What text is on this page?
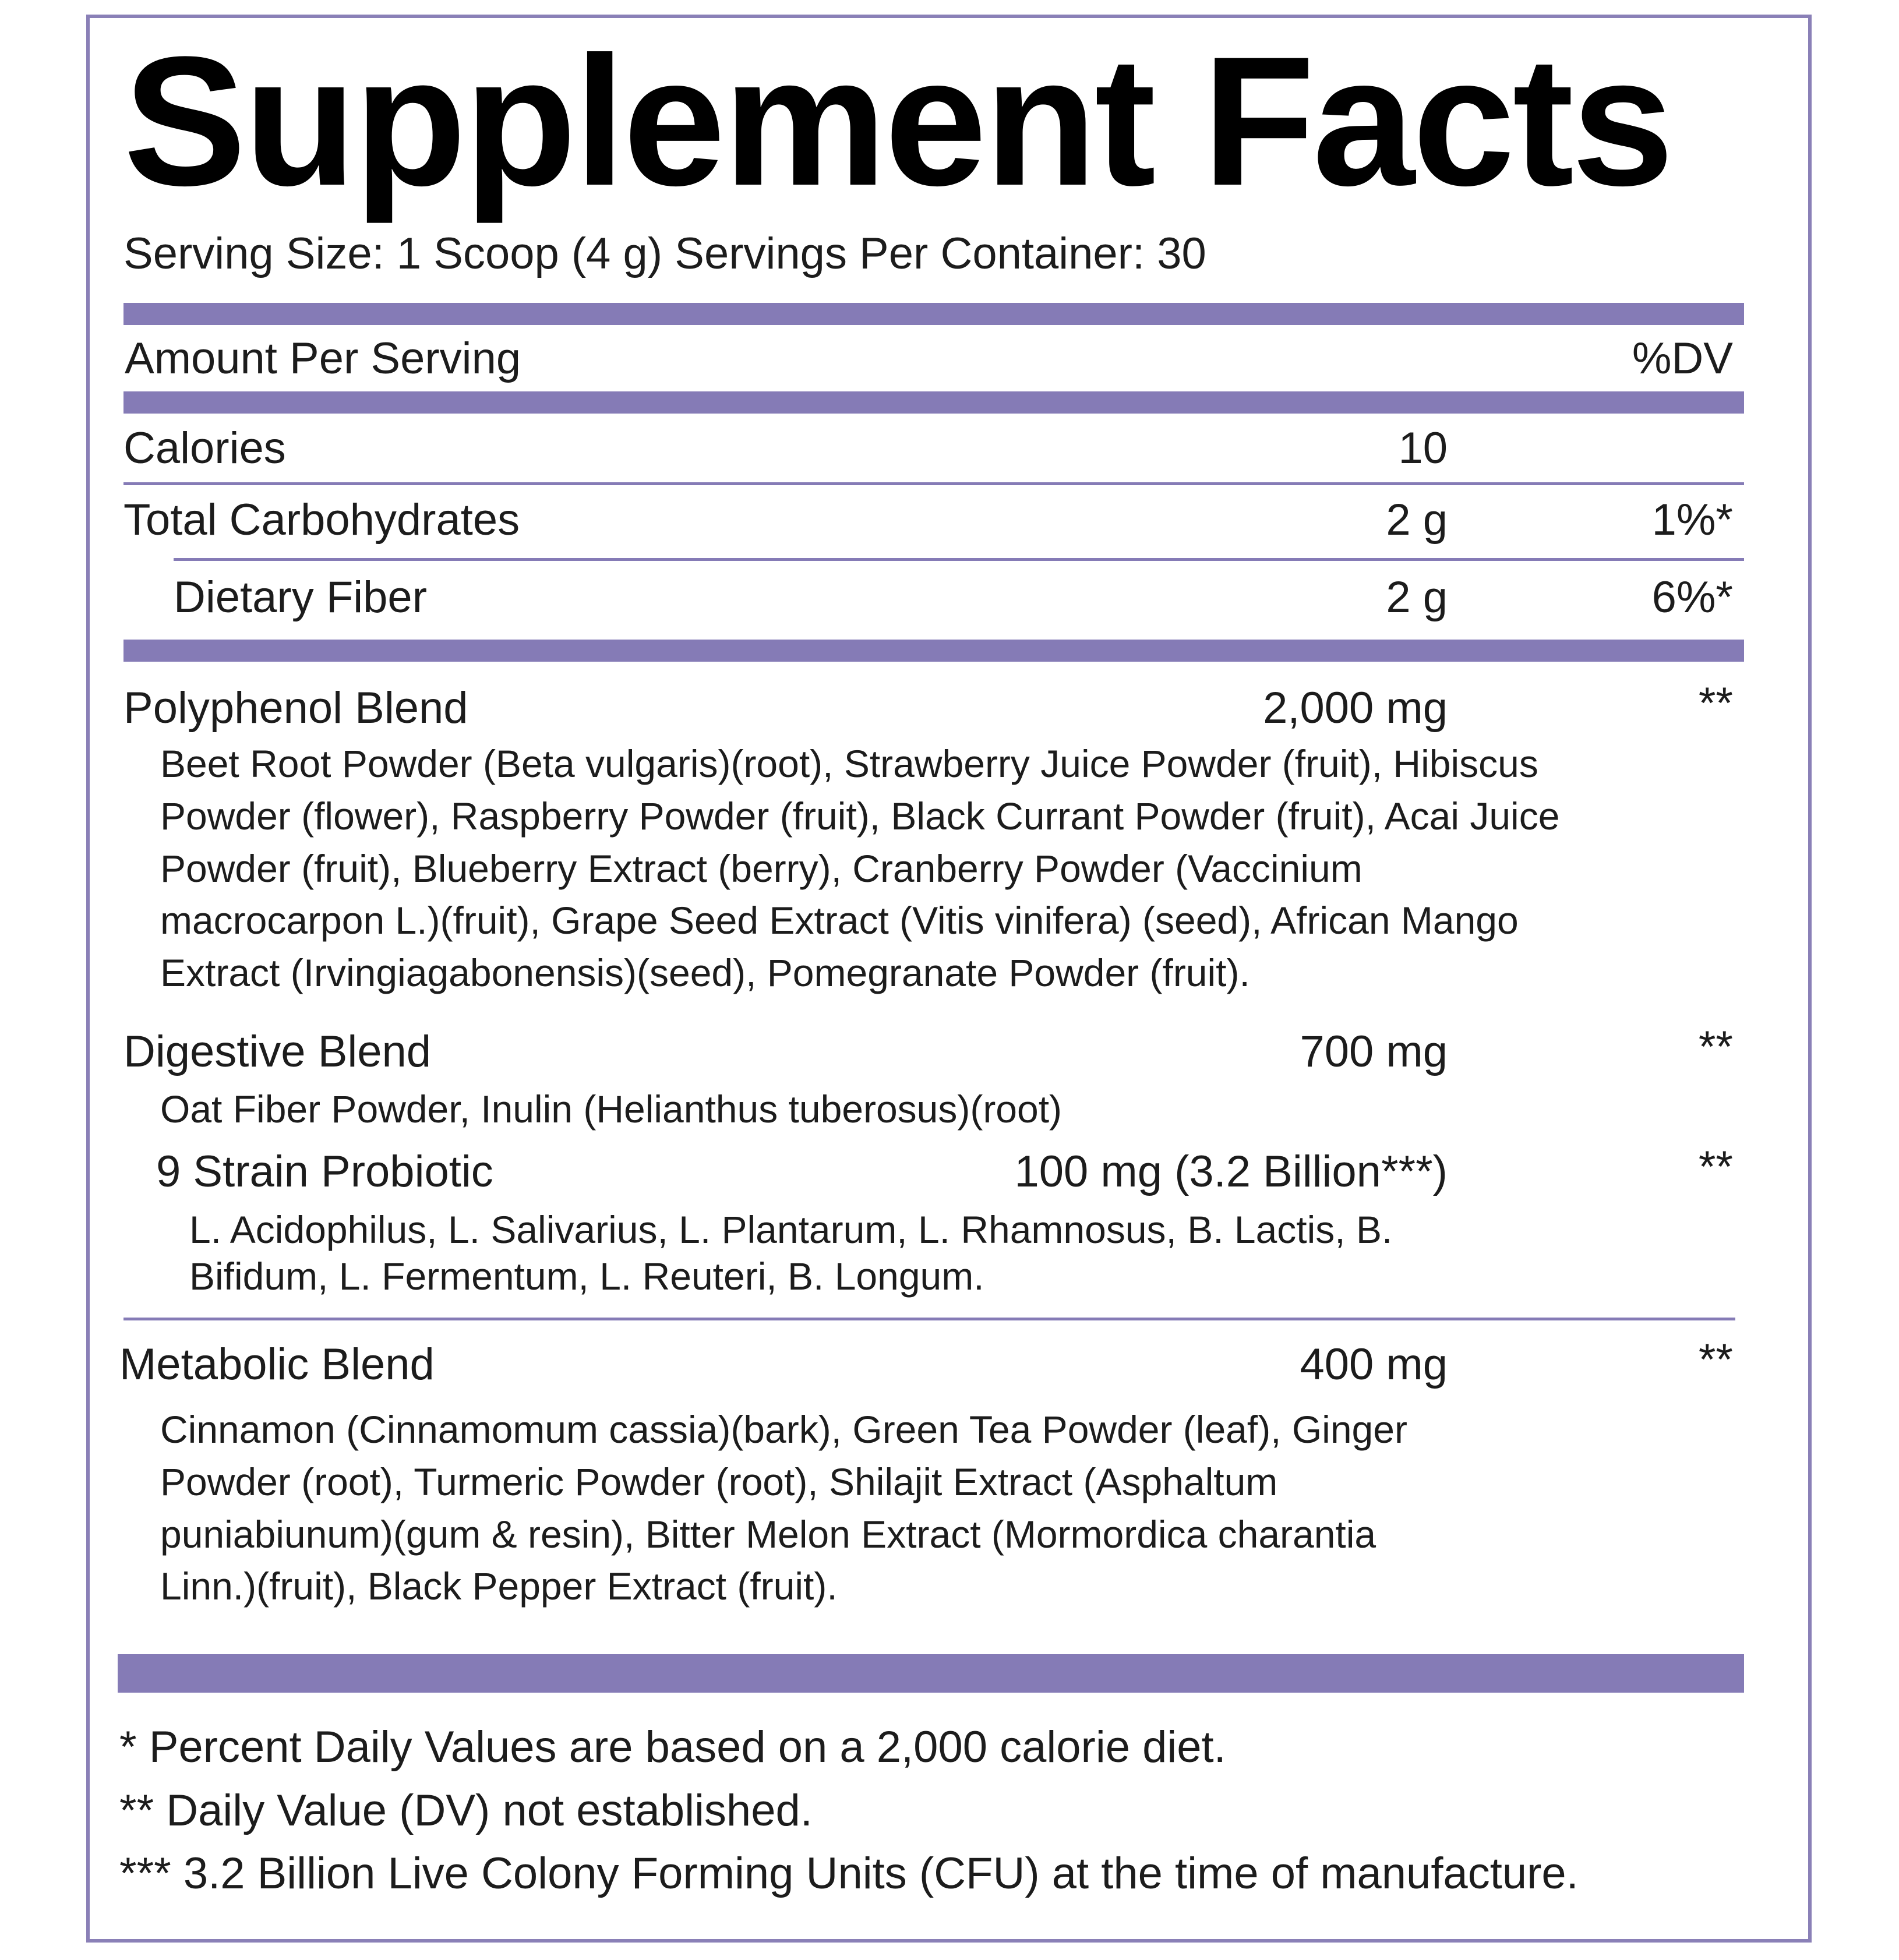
Supplement Facts
Serving Size: 1 Scoop (4 g) Servings Per Container: 30
Amount Per Serving	%DV
Calories	10
Total Carbohydrates	2 g	1%*
Dietary Fiber	2 g	6%*
Polyphenol Blend	2,000 mg	**
Beet Root Powder (Beta vulgaris)(root), Strawberry Juice Powder (fruit), Hibiscus
Powder (flower), Raspberry Powder (fruit), Black Currant Powder (fruit), Acai Juice
Powder (fruit), Blueberry Extract (berry), Cranberry Powder (Vaccinium
macrocarpon L.)(fruit), Grape Seed Extract (Vitis vinifera) (seed), African Mango
Extract (Irvingiagabonensis)(seed), Pomegranate Powder (fruit).
Digestive Blend	700 mg	**
Oat Fiber Powder, Inulin (Helianthus tuberosus)(root)
9 Strain Probiotic	100 mg (3.2 Billion***)	**
L. Acidophilus, L. Salivarius, L. Plantarum, L. Rhamnosus, B. Lactis, B.
Bifidum, L. Fermentum, L. Reuteri, B. Longum.
Metabolic Blend	400 mg	**
Cinnamon (Cinnamomum cassia)(bark), Green Tea Powder (leaf), Ginger
Powder (root), Turmeric Powder (root), Shilajit Extract (Asphaltum
puniabiunum)(gum & resin), Bitter Melon Extract (Mormordica charantia
Linn.)(fruit), Black Pepper Extract (fruit).
* Percent Daily Values are based on a 2,000 calorie diet.
** Daily Value (DV) not established.
*** 3.2 Billion Live Colony Forming Units (CFU) at the time of manufacture.
